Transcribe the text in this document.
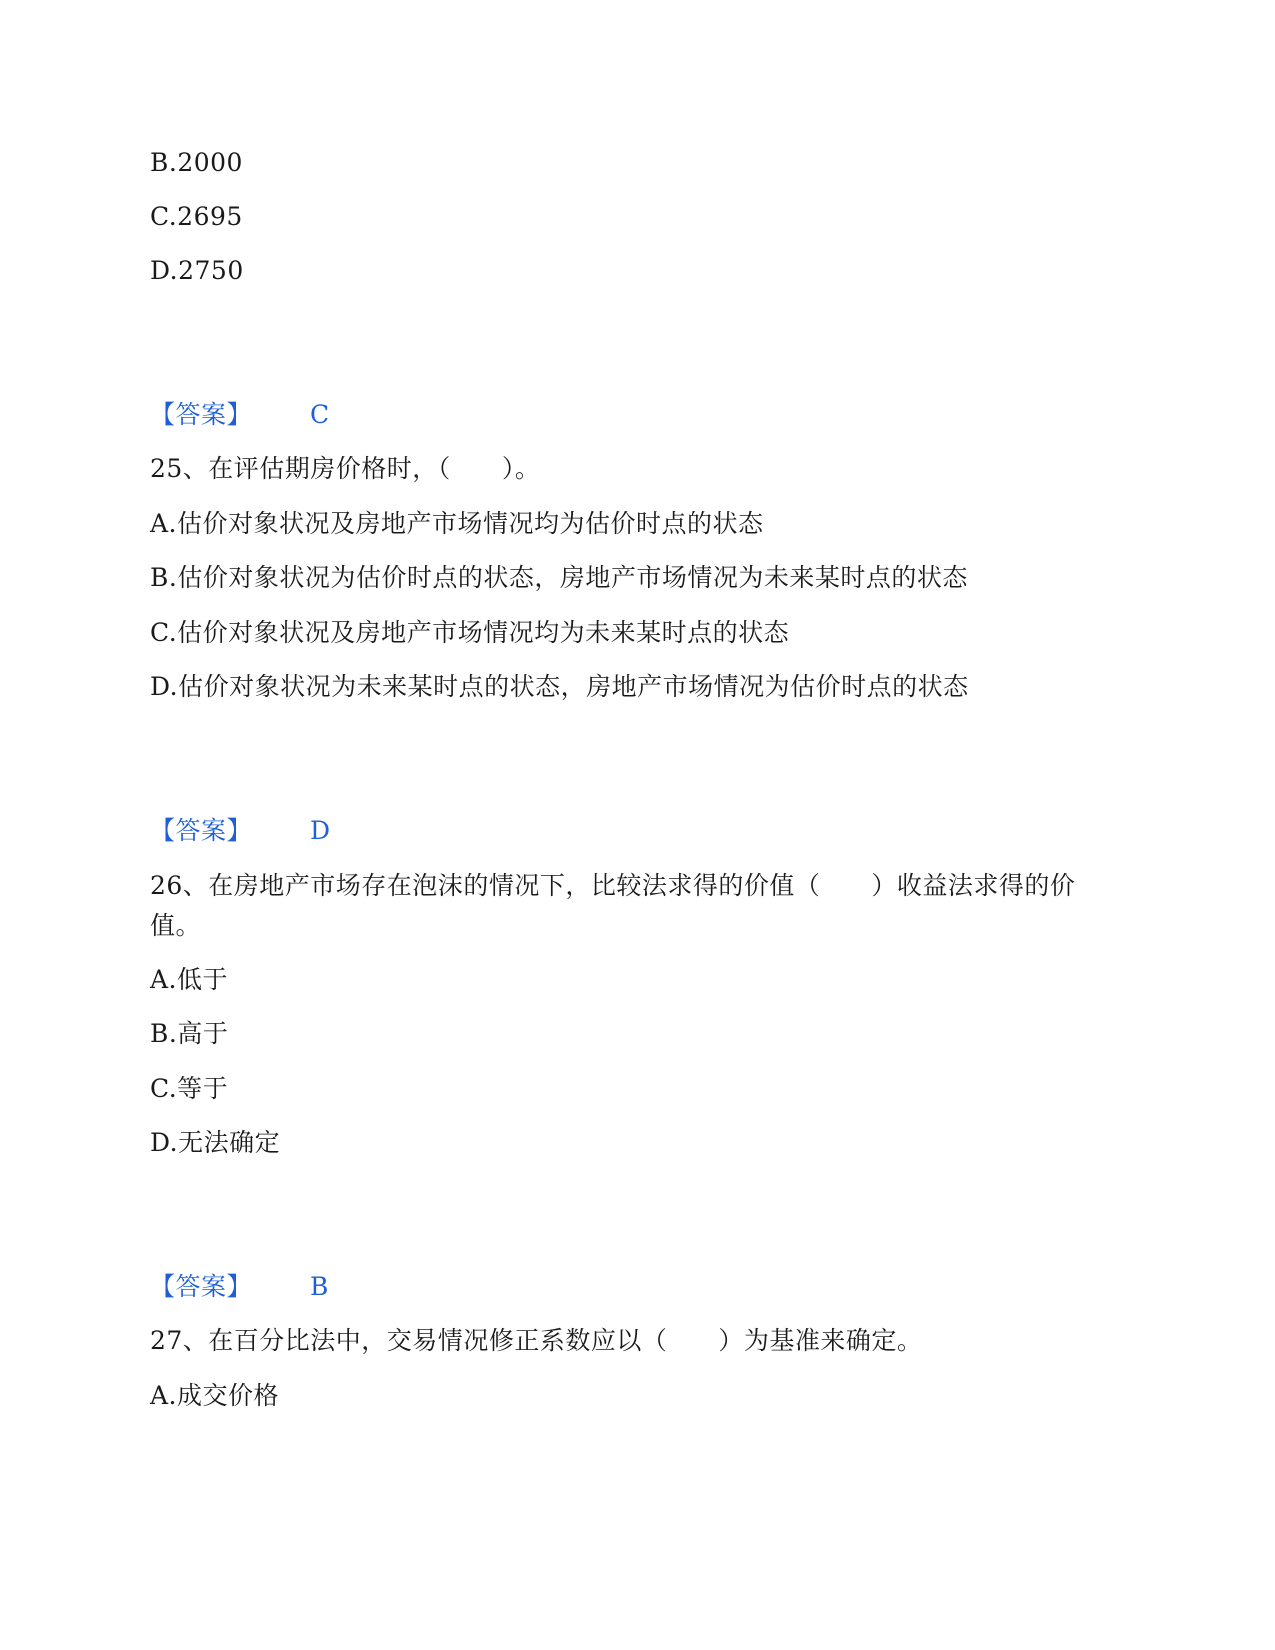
B.2000
C.2695
D.2750
【答案】 C
25、在评估期房价格时，（　　）。
A.估价对象状况及房地产市场情况均为估价时点的状态
B.估价对象状况为估价时点的状态，房地产市场情况为未来某时点的状态
C.估价对象状况及房地产市场情况均为未来某时点的状态
D.估价对象状况为未来某时点的状态，房地产市场情况为估价时点的状态
【答案】 D
26、在房地产市场存在泡沫的情况下，比较法求得的价值（　　）收益法求得的价值。
A.低于
B.高于
C.等于
D.无法确定
【答案】 B
27、在百分比法中，交易情况修正系数应以（　　）为基准来确定。
A.成交价格
